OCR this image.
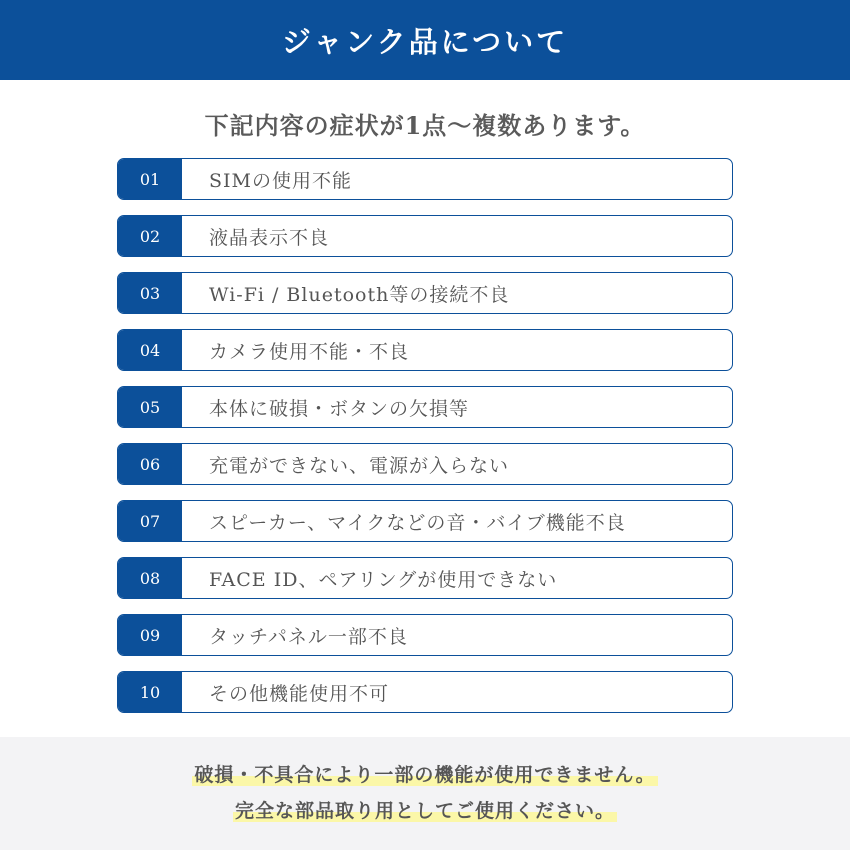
ジャンク品について
下記内容の症状が1点〜複数あります。
01	SIMの使用不能
02	液晶表示不良
03	Wi-Fi / Bluetooth等の接続不良
04	カメラ使用不能・不良
05	本体に破損・ボタンの欠損等
06	充電ができない、電源が入らない
07	スピーカー、マイクなどの音・バイブ機能不良
08	FACE ID、ペアリングが使用できない
09	タッチパネル一部不良
10	その他機能使用不可
破損・不具合により一部の機能が使用できません。
完全な部品取り用としてご使用ください。
